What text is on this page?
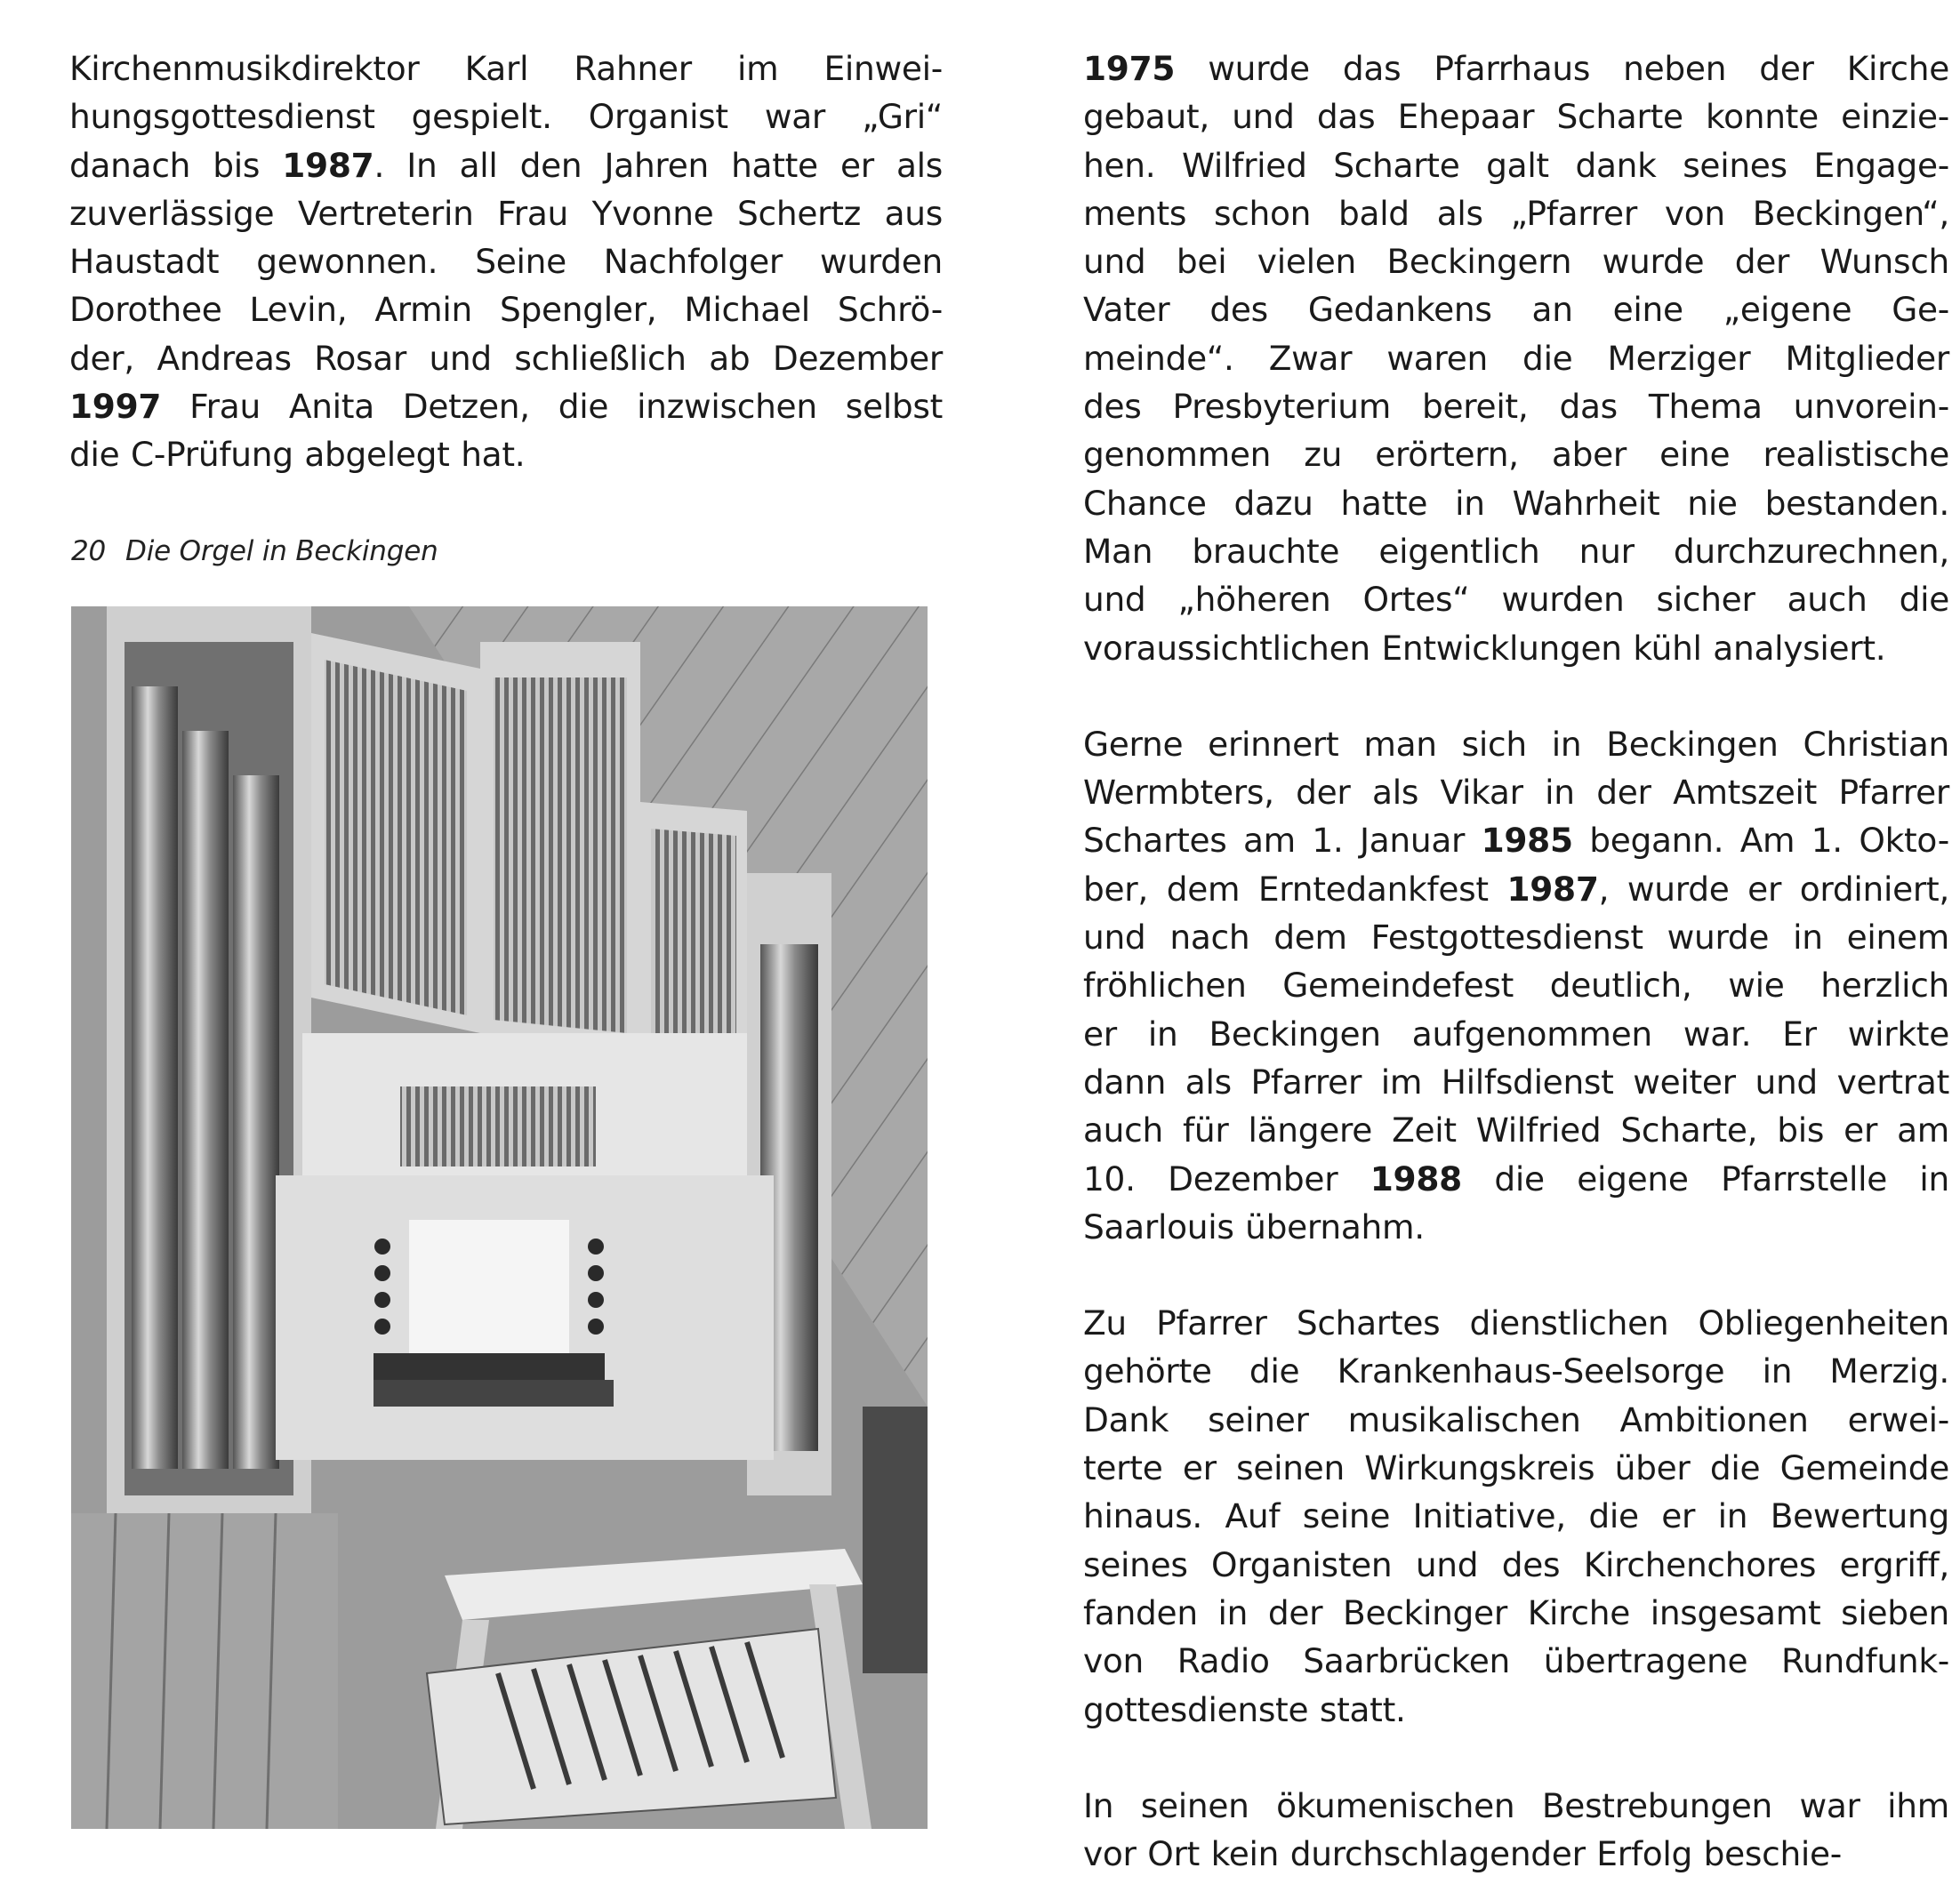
Kirchenmusikdirektor Karl Rahner im Einwei-
hungsgottesdienst gespielt. Organist war „Gri“
danach bis 1987. In all den Jahren hatte er als
zuverlässige Vertreterin Frau Yvonne Schertz aus
Haustadt gewonnen. Seine Nachfolger wurden
Dorothee Levin, Armin Spengler, Michael Schrö-
der, Andreas Rosar und schließlich ab Dezember
1997 Frau Anita Detzen, die inzwischen selbst
die C-Prüfung abgelegt hat.

20 Die Orgel in Beckingen

1975 wurde das Pfarrhaus neben der Kirche
gebaut, und das Ehepaar Scharte konnte einzie-
hen. Wilfried Scharte galt dank seines Engage-
ments schon bald als „Pfarrer von Beckingen“,
und bei vielen Beckingern wurde der Wunsch
Vater des Gedankens an eine „eigene Ge-
meinde“. Zwar waren die Merziger Mitglieder
des Presbyterium bereit, das Thema unvorein-
genommen zu erörtern, aber eine realistische
Chance dazu hatte in Wahrheit nie bestanden.
Man brauchte eigentlich nur durchzurechnen,
und „höheren Ortes“ wurden sicher auch die
voraussichtlichen Entwicklungen kühl analysiert.

Gerne erinnert man sich in Beckingen Christian
Wermbters, der als Vikar in der Amtszeit Pfarrer
Schartes am 1. Januar 1985 begann. Am 1. Okto-
ber, dem Erntedankfest 1987, wurde er ordiniert,
und nach dem Festgottesdienst wurde in einem
fröhlichen Gemeindefest deutlich, wie herzlich
er in Beckingen aufgenommen war. Er wirkte
dann als Pfarrer im Hilfsdienst weiter und vertrat
auch für längere Zeit Wilfried Scharte, bis er am
10. Dezember 1988 die eigene Pfarrstelle in
Saarlouis übernahm.

Zu Pfarrer Schartes dienstlichen Obliegenheiten
gehörte die Krankenhaus-Seelsorge in Merzig.
Dank seiner musikalischen Ambitionen erwei-
terte er seinen Wirkungskreis über die Gemeinde
hinaus. Auf seine Initiative, die er in Bewertung
seines Organisten und des Kirchenchores ergriff,
fanden in der Beckinger Kirche insgesamt sieben
von Radio Saarbrücken übertragene Rundfunk-
gottesdienste statt.

In seinen ökumenischen Bestrebungen war ihm
vor Ort kein durchschlagender Erfolg beschie-
